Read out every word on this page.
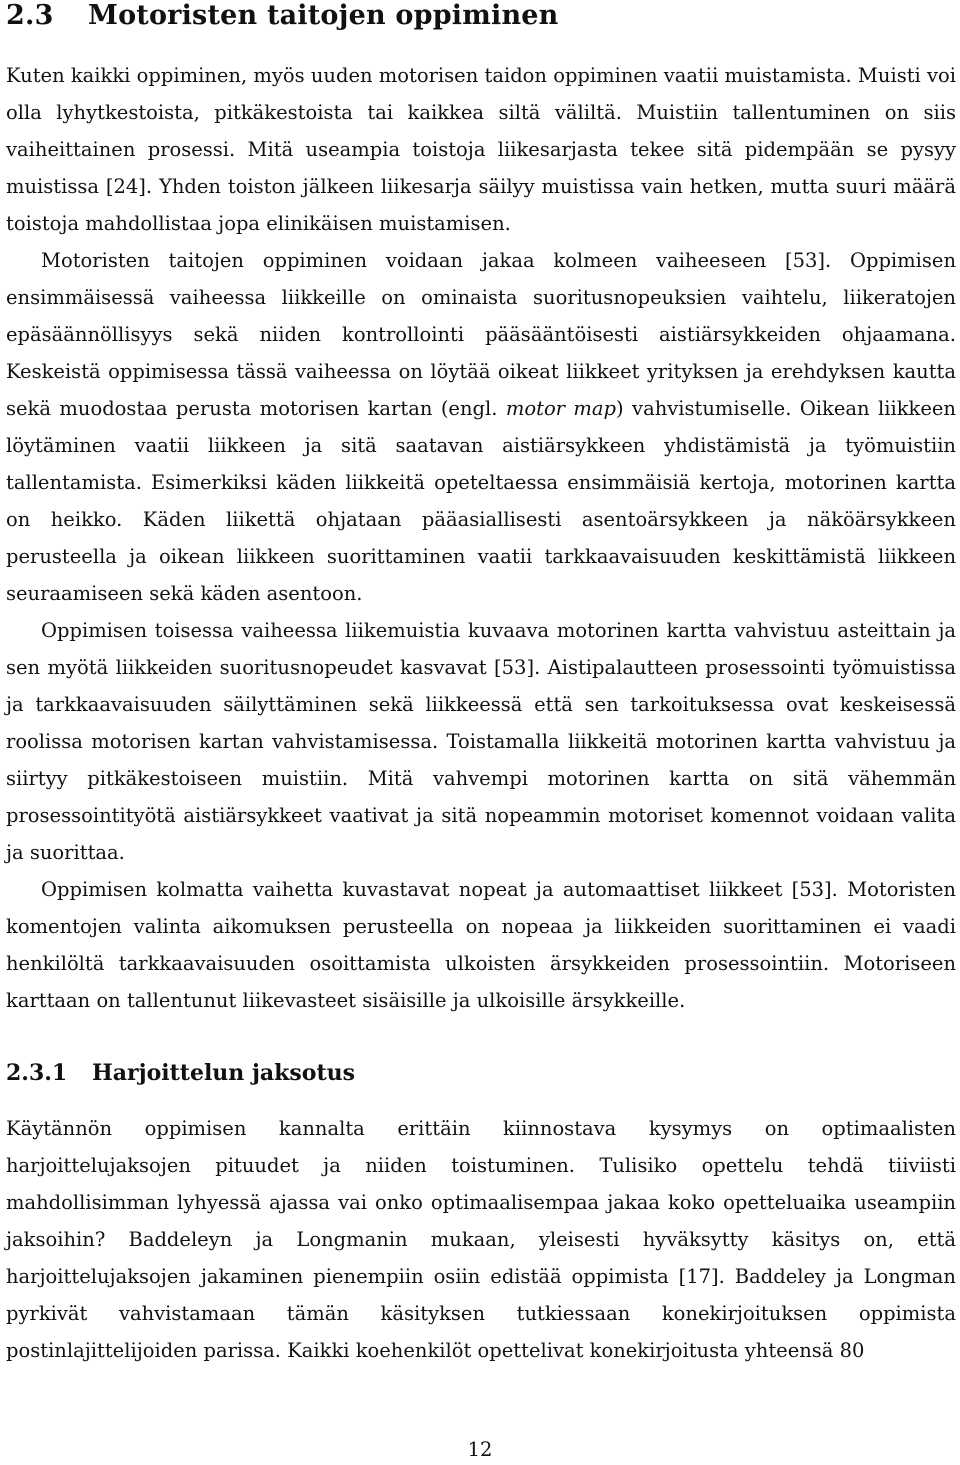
2.3 Motoristen taitojen oppiminen

Kuten kaikki oppiminen, myös uuden motorisen taidon oppiminen vaatii muistamista. Muisti voi olla lyhytkestoista, pitkäkestoista tai kaikkea siltä väliltä. Muistiin tallentuminen on siis vaiheittainen prosessi. Mitä useampia toistoja liikesarjasta tekee sitä pidempään se pysyy muistissa [24]. Yhden toiston jälkeen liikesarja säilyy muistissa vain hetken, mutta suuri määrä toistoja mahdollistaa jopa elinikäisen muistamisen.

Motoristen taitojen oppiminen voidaan jakaa kolmeen vaiheeseen [53]. Oppimisen ensimmäisessä vaiheessa liikkeille on ominaista suoritusnopeuksien vaihtelu, liikeratojen epäsäännöllisyys sekä niiden kontrollointi pääsääntöisesti aistiärsykkeiden ohjaamana. Keskeistä oppimisessa tässä vaiheessa on löytää oikeat liikkeet yrityksen ja erehdyksen kautta sekä muodostaa perusta motorisen kartan (engl. motor map) vahvistumiselle. Oikean liikkeen löytäminen vaatii liikkeen ja sitä saatavan aistiärsykkeen yhdistämistä ja työmuistiin tallentamista. Esimerkiksi käden liikkeitä opeteltaessa ensimmäisiä kertoja, motorinen kartta on heikko. Käden liikettä ohjataan pääasiallisesti asentoärsykkeen ja näköärsykkeen perusteella ja oikean liikkeen suorittaminen vaatii tarkkaavaisuuden keskittämistä liikkeen seuraamiseen sekä käden asentoon.

Oppimisen toisessa vaiheessa liikemuistia kuvaava motorinen kartta vahvistuu asteittain ja sen myötä liikkeiden suoritusnopeudet kasvavat [53]. Aistipalautteen prosessointi työmuistissa ja tarkkaavaisuuden säilyttäminen sekä liikkeessä että sen tarkoituksessa ovat keskeisessä roolissa motorisen kartan vahvistamisessa. Toistamalla liikkeitä motorinen kartta vahvistuu ja siirtyy pitkäkestoiseen muistiin. Mitä vahvempi motorinen kartta on sitä vähemmän prosessointityötä aistiärsykkeet vaativat ja sitä nopeammin motoriset komennot voidaan valita ja suorittaa.

Oppimisen kolmatta vaihetta kuvastavat nopeat ja automaattiset liikkeet [53]. Motoristen komentojen valinta aikomuksen perusteella on nopeaa ja liikkeiden suorittaminen ei vaadi henkilöltä tarkkaavaisuuden osoittamista ulkoisten ärsykkeiden prosessointiin. Motoriseen karttaan on tallentunut liikevasteet sisäisille ja ulkoisille ärsykkeille.

2.3.1 Harjoittelun jaksotus

Käytännön oppimisen kannalta erittäin kiinnostava kysymys on optimaalisten harjoittelujaksojen pituudet ja niiden toistuminen. Tulisiko opettelu tehdä tiiviisti mahdollisimman lyhyessä ajassa vai onko optimaalisempaa jakaa koko opetteluaika useampiin jaksoihin? Baddeleyn ja Longmanin mukaan, yleisesti hyväksytty käsitys on, että harjoittelujaksojen jakaminen pienempiin osiin edistää oppimista [17]. Baddeley ja Longman pyrkivät vahvistamaan tämän käsityksen tutkiessaan konekirjoituksen oppimista postinlajittelijoiden parissa. Kaikki koehenkilöt opettelivat konekirjoitusta yhteensä 80

12
